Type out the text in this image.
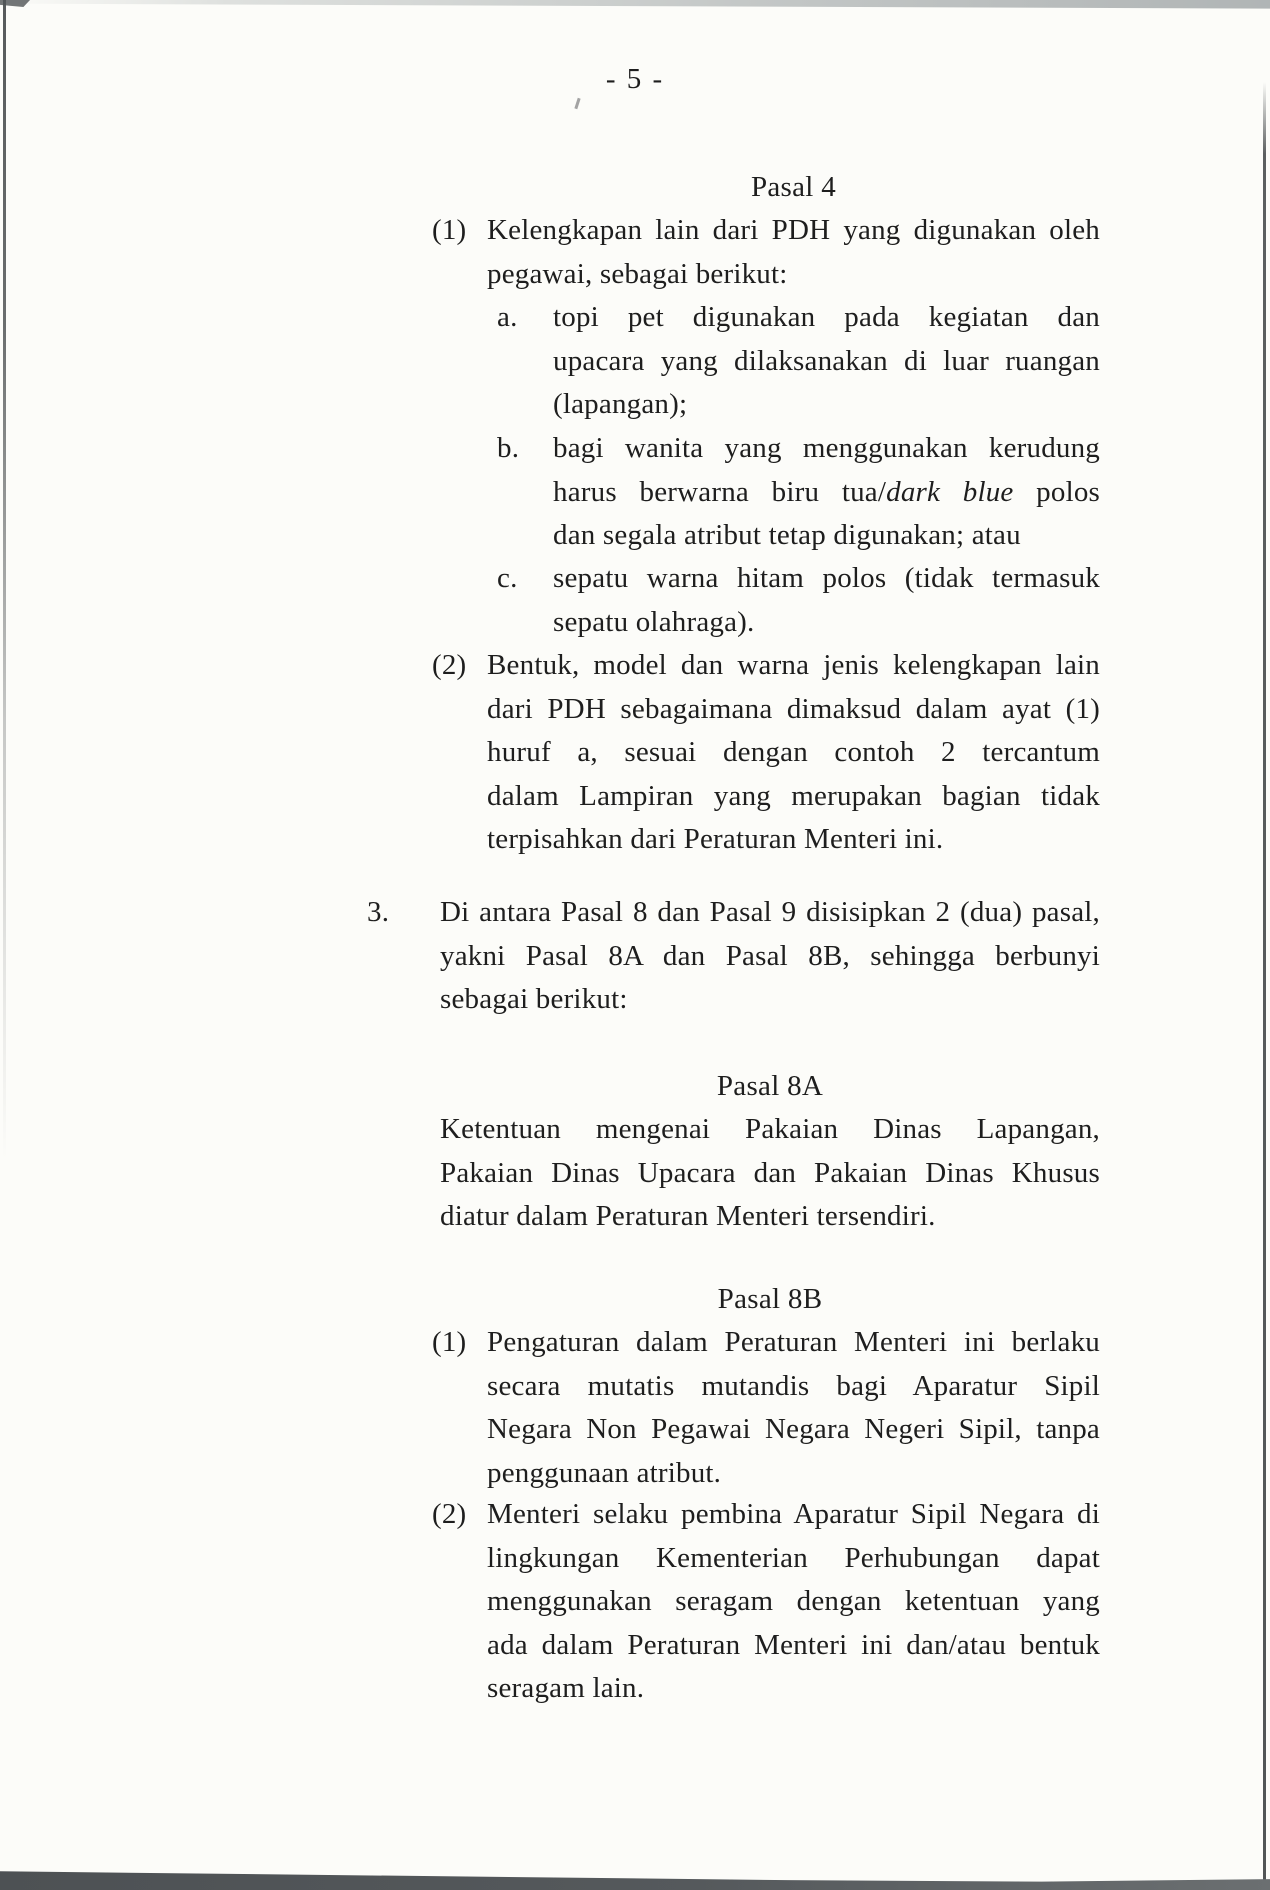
- 5 -
Pasal 4
(1) Kelengkapan lain dari PDH yang digunakan oleh
pegawai, sebagai berikut:
a. topi pet digunakan pada kegiatan dan
upacara yang dilaksanakan di luar ruangan
(lapangan);
b. bagi wanita yang menggunakan kerudung
harus berwarna biru tua/dark blue polos
dan segala atribut tetap digunakan; atau
c. sepatu warna hitam polos (tidak termasuk
sepatu olahraga).
(2) Bentuk, model dan warna jenis kelengkapan lain
dari PDH sebagaimana dimaksud dalam ayat (1)
huruf a, sesuai dengan contoh 2 tercantum
dalam Lampiran yang merupakan bagian tidak
terpisahkan dari Peraturan Menteri ini.
3. Di antara Pasal 8 dan Pasal 9 disisipkan 2 (dua) pasal,
yakni Pasal 8A dan Pasal 8B, sehingga berbunyi
sebagai berikut:
Pasal 8A
Ketentuan mengenai Pakaian Dinas Lapangan,
Pakaian Dinas Upacara dan Pakaian Dinas Khusus
diatur dalam Peraturan Menteri tersendiri.
Pasal 8B
(1) Pengaturan dalam Peraturan Menteri ini berlaku
secara mutatis mutandis bagi Aparatur Sipil
Negara Non Pegawai Negara Negeri Sipil, tanpa
penggunaan atribut.
(2) Menteri selaku pembina Aparatur Sipil Negara di
lingkungan Kementerian Perhubungan dapat
menggunakan seragam dengan ketentuan yang
ada dalam Peraturan Menteri ini dan/atau bentuk
seragam lain.
